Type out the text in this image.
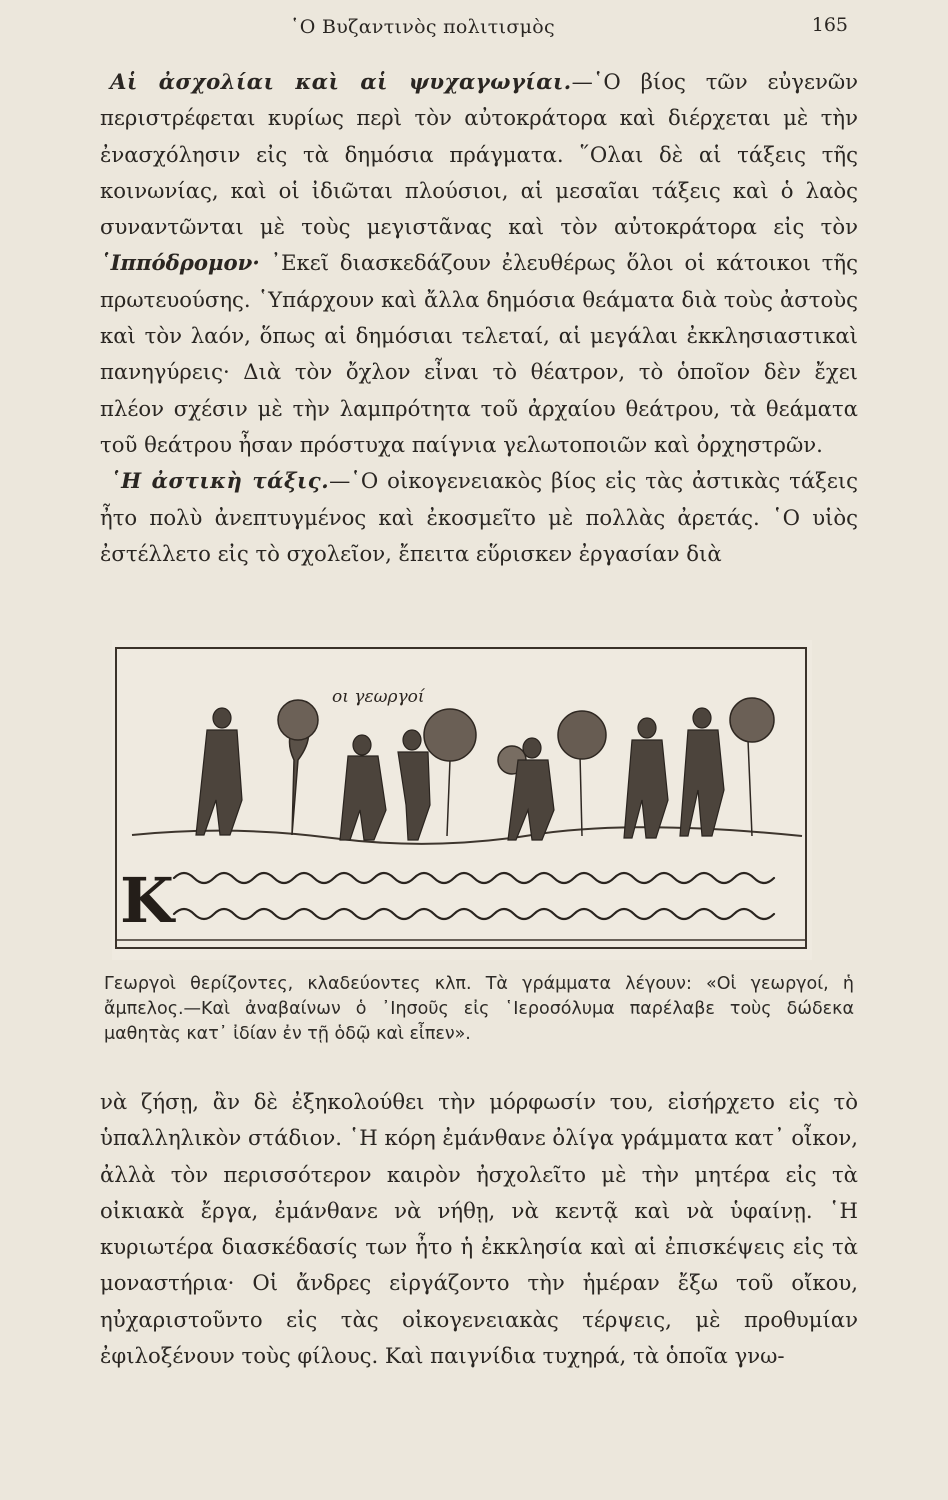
῾Ο Βυζαντινὸς πολιτισμὸς	165

Αἱ ἀσχολίαι καὶ αἱ ψυχαγωγίαι.—῾Ο βίος τῶν εὐγενῶν περιστρέφεται κυρίως περὶ τὸν αὐτοκράτορα καὶ διέρχεται μὲ τὴν ἐνασχόλησιν εἰς τὰ δημόσια πράγματα. ῞Ολαι δὲ αἱ τάξεις τῆς κοινωνίας, καὶ οἱ ἰδιῶται πλούσιοι, αἱ μεσαῖαι τάξεις καὶ ὁ λαὸς συναντῶνται μὲ τοὺς μεγιστᾶνας καὶ τὸν αὐτοκράτορα εἰς τὸν ῾Ιππόδρομον· ᾿Εκεῖ διασκεδάζουν ἐλευθέρως ὅλοι οἱ κάτοικοι τῆς πρωτευούσης. ῾Υπάρχουν καὶ ἄλλα δημόσια θεάματα διὰ τοὺς ἀστοὺς καὶ τὸν λαόν, ὅπως αἱ δημόσιαι τελεταί, αἱ μεγάλαι ἐκκλησιαστικαὶ πανηγύρεις· Διὰ τὸν ὄχλον εἶναι τὸ θέατρον, τὸ ὁποῖον δὲν ἔχει πλέον σχέσιν μὲ τὴν λαμπρότητα τοῦ ἀρχαίου θεάτρου, τὰ θεάματα τοῦ θεάτρου ἦσαν πρόστυχα παίγνια γελωτοποιῶν καὶ ὀρχηστρῶν.

῾Η ἀστικὴ τάξις.—῾Ο οἰκογενειακὸς βίος εἰς τὰς ἀστικὰς τάξεις ἦτο πολὺ ἀνεπτυγμένος καὶ ἐκοσμεῖτο μὲ πολλὰς ἀρετάς. ῾Ο υἱὸς ἐστέλλετο εἰς τὸ σχολεῖον, ἔπειτα εὕρισκεν ἐργασίαν διὰ

οι γεωργοί
Κ
Γεωργοὶ θερίζοντες, κλαδεύοντες κλπ. Τὰ γράμματα λέγουν: «Οἱ γεωργοί, ἡ ἄμπελος.—Καὶ ἀναβαίνων ὁ ᾿Ιησοῦς εἰς ῾Ιεροσόλυμα παρέλαβε τοὺς δώδεκα μαθητὰς κατ᾿ ἰδίαν ἐν τῇ ὁδῷ καὶ εἶπεν».

νὰ ζήσῃ, ἂν δὲ ἐξηκολούθει τὴν μόρφωσίν του, εἰσήρχετο εἰς τὸ ὑπαλληλικὸν στάδιον. ῾Η κόρη ἐμάνθανε ὀλίγα γράμματα κατ᾿ οἶκον, ἀλλὰ τὸν περισσότερον καιρὸν ἠσχολεῖτο μὲ τὴν μητέρα εἰς τὰ οἰκιακὰ ἔργα, ἐμάνθανε νὰ νήθῃ, νὰ κεντᾷ καὶ νὰ ὑφαίνῃ. ῾Η κυριωτέρα διασκέδασίς των ἦτο ἡ ἐκκλησία καὶ αἱ ἐπισκέψεις εἰς τὰ μοναστήρια· Οἱ ἄνδρες εἰργάζοντο τὴν ἡμέραν ἔξω τοῦ οἴκου, ηὐχαριστοῦντο εἰς τὰς οἰκογενειακὰς τέρψεις, μὲ προθυμίαν ἐφιλοξένουν τοὺς φίλους. Καὶ παιγνίδια τυχηρά, τὰ ὁποῖα γνω-
